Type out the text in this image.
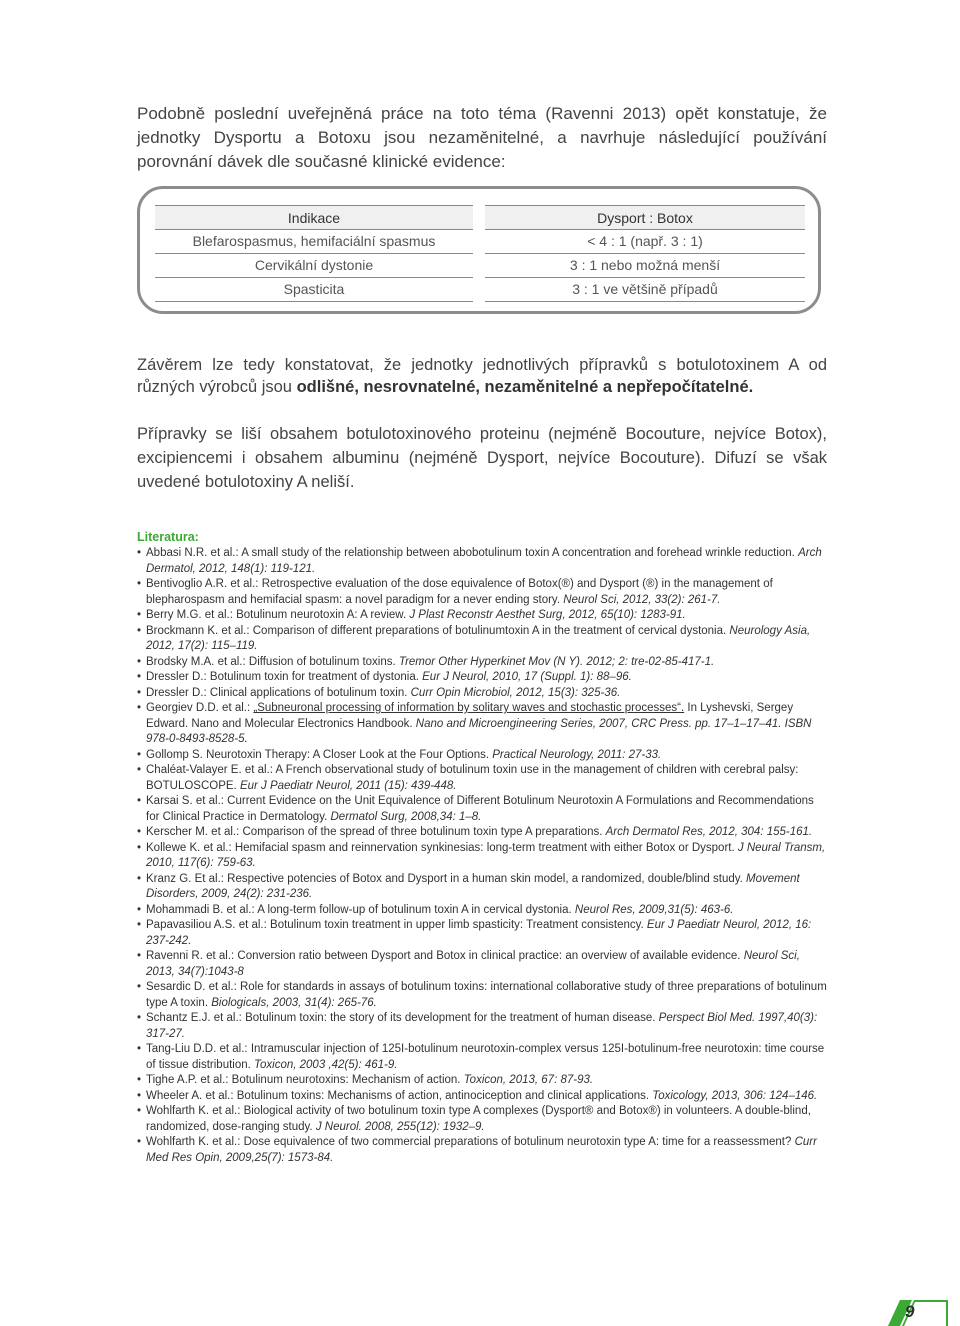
Podobně poslední uveřejněná práce na toto téma (Ravenni 2013) opět konstatuje, že jednotky Dysportu a Botoxu jsou nezaměnitelné, a navrhuje následující používání porovnání dávek dle současné klinické evidence:

Indikace		Dysport : Botox
Blefarospasmus, hemifaciální spasmus		< 4 : 1 (např. 3 : 1)
Cervikální dystonie		3 : 1 nebo možná menší
Spasticita		3 : 1 ve většině případů

Závěrem lze tedy konstatovat, že jednotky jednotlivých přípravků s botulotoxinem A od různých výrobců jsou odlišné, nesrovnatelné, nezaměnitelné a nepřepočítatelné.

Přípravky se liší obsahem botulotoxinového proteinu (nejméně Bocouture, nejvíce Botox), excipiencemi i obsahem albuminu (nejméně Dysport, nejvíce Bocouture). Difuzí se však uvedené botulotoxiny A neliší.

Literatura:
• Abbasi N.R. et al.: A small study of the relationship between abobotulinum toxin A concentration and forehead wrinkle reduction. Arch Dermatol, 2012, 148(1): 119-121.
• Bentivoglio A.R. et al.: Retrospective evaluation of the dose equivalence of Botox(®) and Dysport (®) in the management of blepharospasm and hemifacial spasm: a novel paradigm for a never ending story. Neurol Sci, 2012, 33(2): 261-7.
• Berry M.G. et al.: Botulinum neurotoxin A: A review. J Plast Reconstr Aesthet Surg, 2012, 65(10): 1283-91.
• Brockmann K. et al.: Comparison of different preparations of botulinumtoxin A in the treatment of cervical dystonia. Neurology Asia, 2012, 17(2): 115–119.
• Brodsky M.A. et al.: Diffusion of botulinum toxins. Tremor Other Hyperkinet Mov (N Y). 2012; 2: tre-02-85-417-1.
• Dressler D.: Botulinum toxin for treatment of dystonia. Eur J Neurol, 2010, 17 (Suppl. 1): 88–96.
• Dressler D.: Clinical applications of botulinum toxin. Curr Opin Microbiol, 2012, 15(3): 325-36.
• Georgiev D.D. et al.: „Subneuronal processing of information by solitary waves and stochastic processes“. In Lyshevski, Sergey Edward. Nano and Molecular Electronics Handbook. Nano and Microengineering Series, 2007, CRC Press. pp. 17–1–17–41. ISBN 978-0-8493-8528-5.
• Gollomp S. Neurotoxin Therapy: A Closer Look at the Four Options. Practical Neurology, 2011: 27-33.
• Chaléat-Valayer E. et al.: A French observational study of botulinum toxin use in the management of children with cerebral palsy: BOTULOSCOPE. Eur J Paediatr Neurol, 2011 (15): 439-448.
• Karsai S. et al.: Current Evidence on the Unit Equivalence of Different Botulinum Neurotoxin A Formulations and Recommendations for Clinical Practice in Dermatology. Dermatol Surg, 2008,34: 1–8.
• Kerscher M. et al.: Comparison of the spread of three botulinum toxin type A preparations. Arch Dermatol Res, 2012, 304: 155-161.
• Kollewe K. et al.: Hemifacial spasm and reinnervation synkinesias: long-term treatment with either Botox or Dysport. J Neural Transm, 2010, 117(6): 759-63.
• Kranz G. Et al.: Respective potencies of Botox and Dysport in a human skin model, a randomized, double/blind study. Movement Disorders, 2009, 24(2): 231-236.
• Mohammadi B. et al.: A long-term follow-up of botulinum toxin A in cervical dystonia. Neurol Res, 2009,31(5): 463-6.
• Papavasiliou A.S. et al.: Botulinum toxin treatment in upper limb spasticity: Treatment consistency. Eur J Paediatr Neurol, 2012, 16: 237-242.
• Ravenni R. et al.: Conversion ratio between Dysport and Botox in clinical practice: an overview of available evidence. Neurol Sci, 2013, 34(7):1043-8
• Sesardic D. et al.: Role for standards in assays of botulinum toxins: international collaborative study of three preparations of botulinum type A toxin. Biologicals, 2003, 31(4): 265-76.
• Schantz E.J. et al.: Botulinum toxin: the story of its development for the treatment of human disease. Perspect Biol Med. 1997,40(3): 317-27.
• Tang-Liu D.D. et al.: Intramuscular injection of 125I-botulinum neurotoxin-complex versus 125I-botulinum-free neurotoxin: time course of tissue distribution. Toxicon, 2003 ,42(5): 461-9.
• Tighe A.P. et al.: Botulinum neurotoxins: Mechanism of action. Toxicon, 2013, 67: 87-93.
• Wheeler A. et al.: Botulinum toxins: Mechanisms of action, antinociception and clinical applications. Toxicology, 2013, 306: 124–146.
• Wohlfarth K. et al.: Biological activity of two botulinum toxin type A complexes (Dysport® and Botox®) in volunteers. A double-blind, randomized, dose-ranging study. J Neurol. 2008, 255(12): 1932–9.
• Wohlfarth K. et al.: Dose equivalence of two commercial preparations of botulinum neurotoxin type A: time for a reassessment? Curr Med Res Opin, 2009,25(7): 1573-84.
9
